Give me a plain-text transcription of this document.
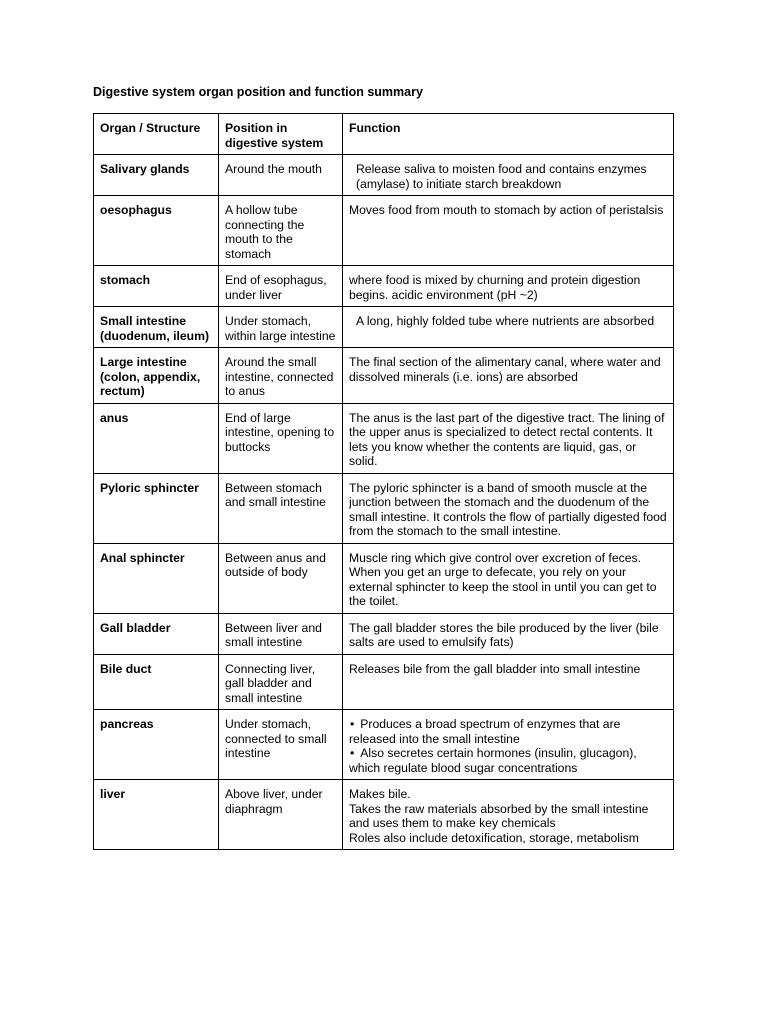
Digestive system organ position and function summary
Organ / Structure	Position in digestive system	Function
Salivary glands	Around the mouth	Release saliva to moisten food and contains enzymes (amylase) to initiate starch breakdown

oesophagus	A hollow tube connecting the mouth to the stomach	Moves food from mouth to stomach by action of peristalsis

stomach	End of esophagus, under liver	where food is mixed by churning and protein digestion begins. acidic environment (pH ~2)

Small intestine (duodenum, ileum)	Under stomach, within large intestine	A long, highly folded tube where nutrients are absorbed

Large intestine (colon, appendix, rectum)	Around the small intestine, connected to anus	The final section of the alimentary canal, where water and dissolved minerals (i.e. ions) are absorbed

anus	End of large intestine, opening to buttocks	The anus is the last part of the digestive tract. The lining of the upper anus is specialized to detect rectal contents. It lets you know whether the contents are liquid, gas, or solid.

Pyloric sphincter	Between stomach and small intestine	The pyloric sphincter is a band of smooth muscle at the junction between the stomach and the duodenum of the small intestine. It controls the flow of partially digested food from the stomach to the small intestine.

Anal sphincter	Between anus and outside of body	Muscle ring which give control over excretion of feces. When you get an urge to defecate, you rely on your external sphincter to keep the stool in until you can get to the toilet.

Gall bladder	Between liver and small intestine	The gall bladder stores the bile produced by the liver (bile salts are used to emulsify fats)

Bile duct	Connecting liver, gall bladder and small intestine	Releases bile from the gall bladder into small intestine

pancreas	Under stomach, connected to small intestine	• Produces a broad spectrum of enzymes that are released into the small intestine
• Also secretes certain hormones (insulin, glucagon), which regulate blood sugar concentrations

liver	Above liver, under diaphragm	Makes bile.
Takes the raw materials absorbed by the small intestine and uses them to make key chemicals
Roles also include detoxification, storage, metabolism
